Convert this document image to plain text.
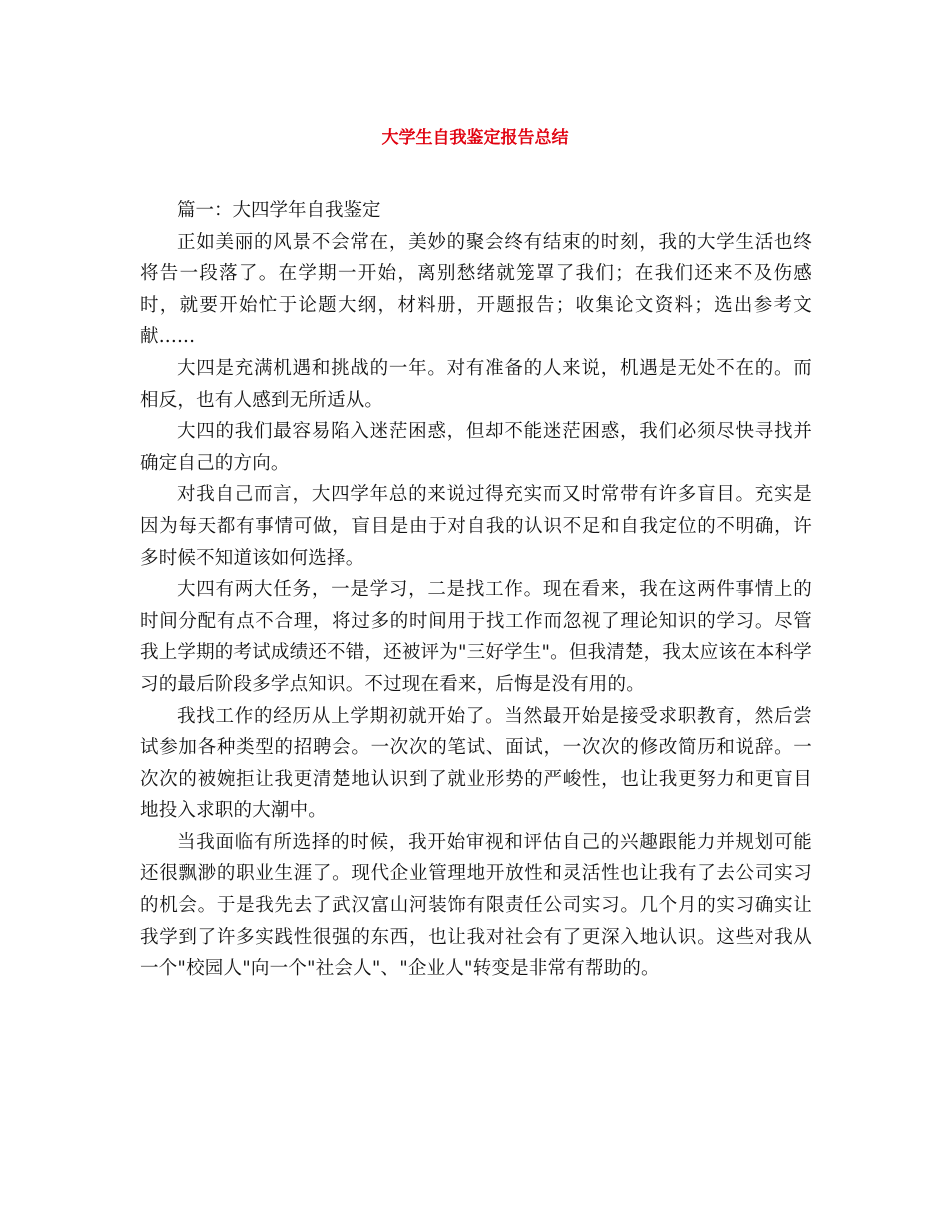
大学生自我鉴定报告总结

篇一：大四学年自我鉴定

正如美丽的风景不会常在，美妙的聚会终有结束的时刻，我的大学生活也终将告一段落了。在学期一开始，离别愁绪就笼罩了我们；在我们还来不及伤感时，就要开始忙于论题大纲，材料册，开题报告；收集论文资料；选出参考文献......

大四是充满机遇和挑战的一年。对有准备的人来说，机遇是无处不在的。而相反，也有人感到无所适从。

大四的我们最容易陷入迷茫困惑，但却不能迷茫困惑，我们必须尽快寻找并确定自己的方向。

对我自己而言，大四学年总的来说过得充实而又时常带有许多盲目。充实是因为每天都有事情可做，盲目是由于对自我的认识不足和自我定位的不明确，许多时候不知道该如何选择。

大四有两大任务，一是学习，二是找工作。现在看来，我在这两件事情上的时间分配有点不合理，将过多的时间用于找工作而忽视了理论知识的学习。尽管我上学期的考试成绩还不错，还被评为"三好学生"。但我清楚，我太应该在本科学习的最后阶段多学点知识。不过现在看来，后悔是没有用的。

我找工作的经历从上学期初就开始了。当然最开始是接受求职教育，然后尝试参加各种类型的招聘会。一次次的笔试、面试，一次次的修改简历和说辞。一次次的被婉拒让我更清楚地认识到了就业形势的严峻性，也让我更努力和更盲目地投入求职的大潮中。

当我面临有所选择的时候，我开始审视和评估自己的兴趣跟能力并规划可能还很飘渺的职业生涯了。现代企业管理地开放性和灵活性也让我有了去公司实习的机会。于是我先去了武汉富山河装饰有限责任公司实习。几个月的实习确实让我学到了许多实践性很强的东西，也让我对社会有了更深入地认识。这些对我从一个"校园人"向一个"社会人"、"企业人"转变是非常有帮助的。
